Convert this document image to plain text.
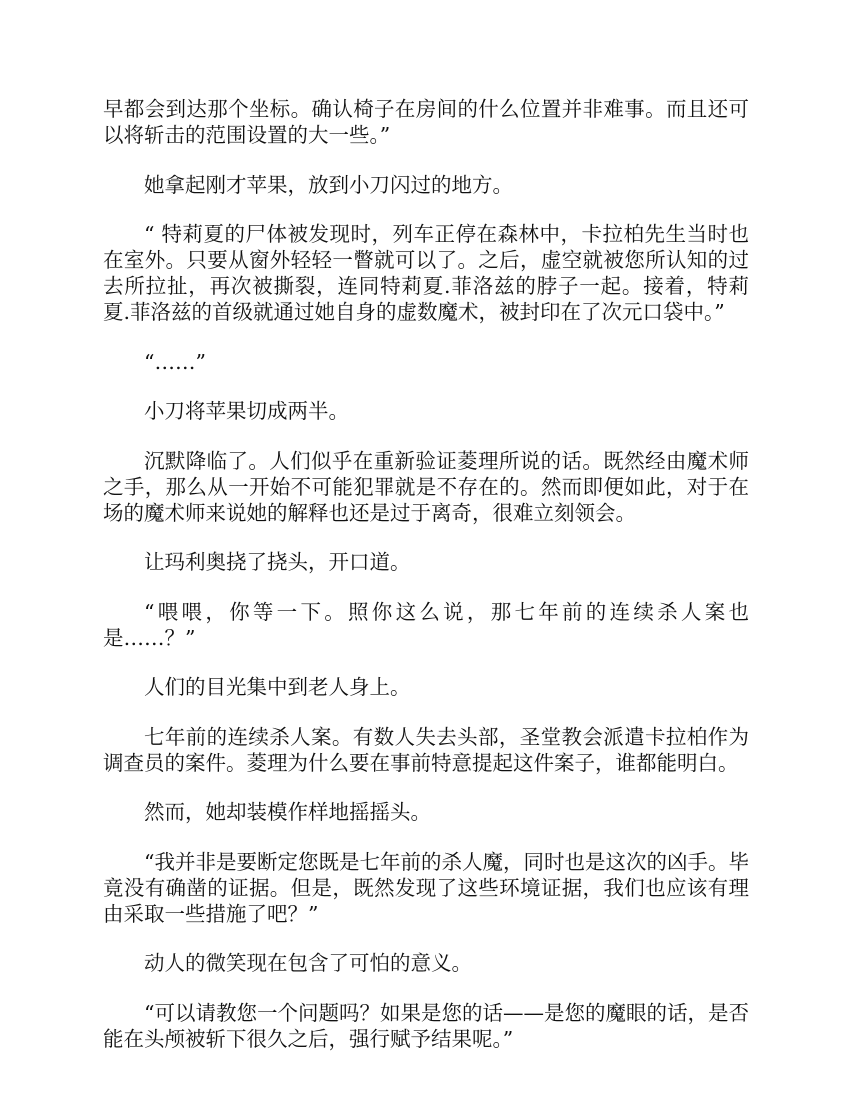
早都会到达那个坐标。确认椅子在房间的什么位置并非难事。而且还可以将斩击的范围设置的大一些。”

她拿起刚才苹果，放到小刀闪过的地方。

“ 特莉夏的尸体被发现时，列车正停在森林中，卡拉柏先生当时也在室外。只要从窗外轻轻一瞥就可以了。之后，虚空就被您所认知的过去所拉扯，再次被撕裂，连同特莉夏.菲洛兹的脖子一起。接着，特莉夏.菲洛兹的首级就通过她自身的虚数魔术，被封印在了次元口袋中。”

“……”

小刀将苹果切成两半。

沉默降临了。人们似乎在重新验证菱理所说的话。既然经由魔术师之手，那么从一开始不可能犯罪就是不存在的。然而即便如此，对于在场的魔术师来说她的解释也还是过于离奇，很难立刻领会。

让玛利奥挠了挠头，开口道。

“喂喂，你等一下。照你这么说，那七年前的连续杀人案也是……？”

人们的目光集中到老人身上。

七年前的连续杀人案。有数人失去头部，圣堂教会派遣卡拉柏作为调查员的案件。菱理为什么要在事前特意提起这件案子，谁都能明白。

然而，她却装模作样地摇摇头。

“我并非是要断定您既是七年前的杀人魔，同时也是这次的凶手。毕竟没有确凿的证据。但是，既然发现了这些环境证据，我们也应该有理由采取一些措施了吧？”

动人的微笑现在包含了可怕的意义。

“可以请教您一个问题吗？如果是您的话——是您的魔眼的话，是否能在头颅被斩下很久之后，强行赋予结果呢。”
